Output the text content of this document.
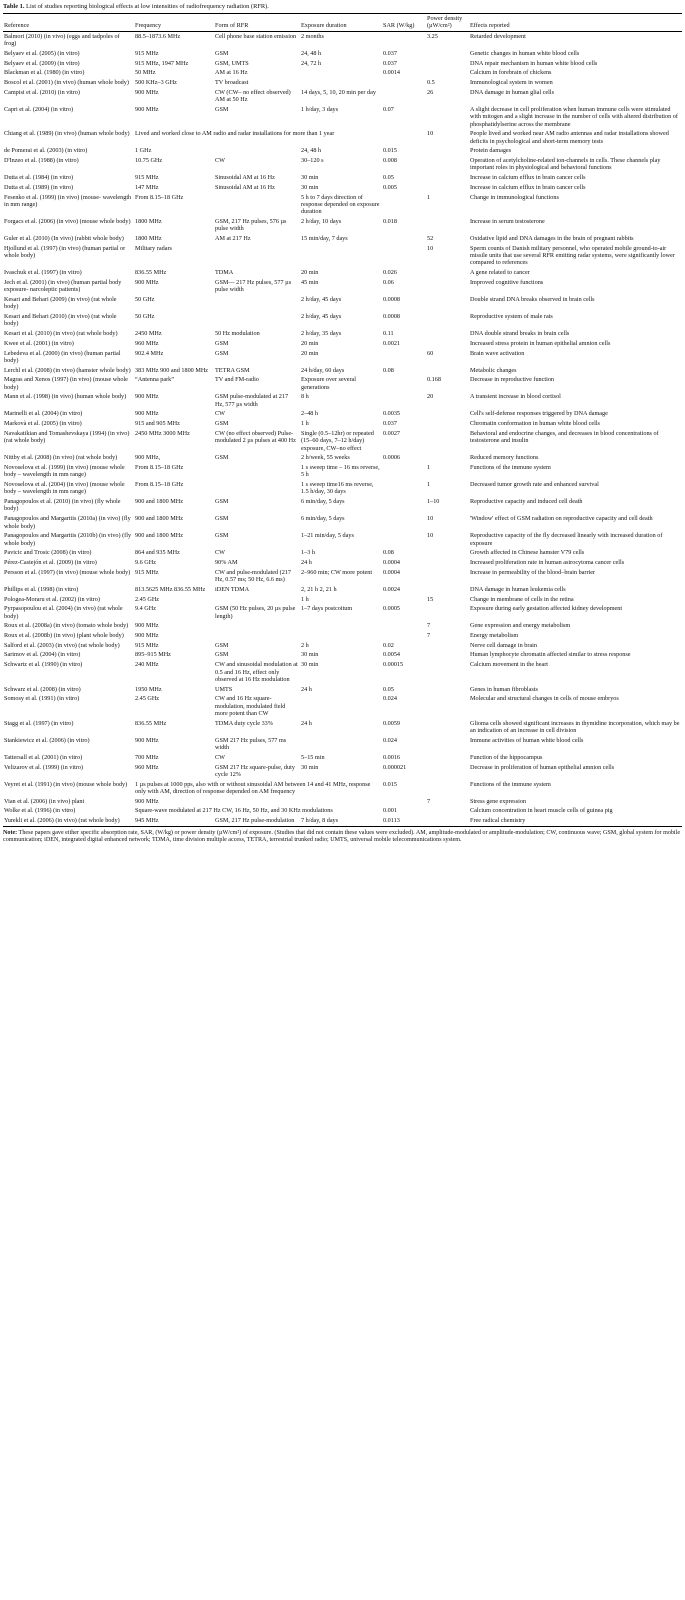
Table 1. List of studies reporting biological effects at low intensities of radiofrequency radiation (RFR).
Reference	Frequency	Form of RFR	Exposure duration	SAR (W/kg)	Power density (µW/cm²)	Effects reported
Balmori (2010) (in vivo) (eggs and tadpoles of frog)	88.5–1873.6 MHz	Cell phone base station emission	2 months		3.25	Retarded development
Belyaev et al. (2005) (in vitro)	915 MHz	GSM	24, 48 h	0.037		Genetic changes in human white blood cells
Belyaev et al. (2009) (in vitro)	915 MHz, 1947 MHz	GSM, UMTS	24, 72 h	0.037		DNA repair mechanism in human white blood cells
Blackman et al. (1980) (in vitro)	50 MHz	AM at 16 Hz		0.0014		Calcium in forebrain of chickens
Boscol et al. (2001) (in vivo) (human whole body)	500 KHz–3 GHz	TV broadcast			0.5	Immunological system in women
Campisi et al. (2010) (in vitro)	900 MHz	CW (CW– no effect observed) AM at 50 Hz	14 days, 5, 10, 20 min per day		26	DNA damage in human glial cells
Capri et al. (2004) (in vitro)	900 MHz	GSM	1 h/day, 3 days	0.07		A slight decrease in cell proliferation when human immune cells were stimulated with mitogen and a slight increase in the number of cells with altered distribution of phosphatidylserine across the membrane
Chiang et al. (1989) (in vivo) (human whole body)	Lived and worked close to AM radio and radar installations for more than 1 year				10	People lived and worked near AM radio antennas and radar installations showed deficits in psychological and short-term memory tests
de Pomerai et al. (2003) (in vitro)	1 GHz		24, 48 h	0.015		Protein damages
D'Inzeo et al. (1988) (in vitro)	10.75 GHz	CW	30–120 s	0.008		Operation of acetylcholine-related ion-channels in cells. These channels play important roles in physiological and behavioral functions
Dutta et al. (1984) (in vitro)	915 MHz	Sinusoidal AM at 16 Hz	30 min	0.05		Increase in calcium efflux in brain cancer cells
Dutta et al. (1989) (in vitro)	147 MHz	Sinusoidal AM at 16 Hz	30 min	0.005		Increase in calcium efflux in brain cancer cells
Fesenko et al. (1999) (in vivo) (mouse- wavelength in mm range)	From 8.15–18 GHz		5 h to 7 days direction of response depended on exposure duration		1	Change in immunological functions
Forgacs et al. (2006) (in vivo) (mouse whole body)	1800 MHz	GSM, 217 Hz pulses, 576 µs pulse width	2 h/day, 10 days	0.018		Increase in serum testosterone
Guler et al. (2010) (In vivo) (rabbit whole body)	1800 MHz	AM at 217 Hz	15 min/day, 7 days		52	Oxidative lipid and DNA damages in the brain of pregnant rabbits
Hjollund et al. (1997) (in vivo) (human partial or whole body)	Military radars				10	Sperm counts of Danish military personnel, who operated mobile ground-to-air missile units that use several RFR emitting radar systems, were significantly lower compared to references
Ivaschuk et al. (1997) (in vitro)	836.55 MHz	TDMA	20 min	0.026		A gene related to cancer
Jech et al. (2001) (in vivo) (human partial body exposure- narcoleptic patients)	900 MHz	GSM— 217 Hz pulses, 577 µs pulse width	45 min	0.06		Improved cognitive functions
Kesari and Behari (2009) (in vivo) (rat whole body)	50 GHz		2 h/day, 45 days	0.0008		Double strand DNA breaks observed in brain cells
Kesari and Behari (2010) (in vivo) (rat whole body)	50 GHz		2 h/day, 45 days	0.0008		Reproductive system of male rats
Kesari et al. (2010) (in vivo) (rat whole body)	2450 MHz	50 Hz modulation	2 h/day, 35 days	0.11		DNA double strand breaks in brain cells
Kwee et al. (2001) (in vitro)	960 MHz	GSM	20 min	0.0021		Increased stress protein in human epithelial amnion cells
Lebedeva et al. (2000) (in vivo) (human partial body)	902.4 MHz	GSM	20 min		60	Brain wave activation
Lerchl et al. (2008) (in vivo) (hamster whole body)	383 MHz 900 and 1800 MHz	TETRA GSM	24 h/day, 60 days	0.08		Metabolic changes
Magras and Xenos (1997) (in vivo) (mouse whole body)	“Antenna park”	TV and FM-radio	Exposure over several generations		0.168	Decrease in reproductive function
Mann et al. (1998) (in vivo) (human whole body)	900 MHz	GSM pulse-modulated at 217 Hz, 577 µs width	8 h		20	A transient increase in blood cortisol
Marinelli et al. (2004) (in vitro)	900 MHz	CW	2–48 h	0.0035		Cell's self-defense responses triggered by DNA damage
Markovà et al. (2005) (in vitro)	915 and 905 MHz	GSM	1 h	0.037		Chromatin conformation in human white blood cells
Navakatikian and Tomashevskaya (1994) (in vivo) (rat whole body)	2450 MHz 3000 MHz	CW (no effect observed) Pulse-modulated 2 µs pulses at 400 Hz	Single (0.5–12hr) or repeated (15–60 days, 7–12 h/day) exposure, CW–no effect	0.0027		Behavioral and endocrine changes, and decreases in blood concentrations of testosterone and insulin
Nittby et al. (2008) (in vivo) (rat whole body)	900 MHz,	GSM	2 h/week, 55 weeks	0.0006		Reduced memory functions
Novoselova et al. (1999) (in vivo) (mouse whole body – wavelength in mm range)	From 8.15–18 GHz		1 s sweep time – 16 ms reverse, 5 h		1	Functions of the immune system
Novoselova et al. (2004) (in vivo) (mouse whole body – wavelength in mm range)	From 8.15–18 GHz		1 s sweep time16 ms reverse, 1.5 h/day, 30 days		1	Decreased tumor growth rate and enhanced survival
Panagopoulos et al. (2010) (in vivo) (fly whole body)	900 and 1800 MHz	GSM	6 min/day, 5 days		1–10	Reproductive capacity and induced cell death
Panagopoulos and Margaritis (2010a) (in vivo) (fly whole body)	900 and 1800 MHz	GSM	6 min/day, 5 days		10	'Window' effect of GSM radiation on reproductive capacity and cell death
Panagopoulos and Margaritis (2010b) (in vivo) (fly whole body)	900 and 1800 MHz	GSM	1–21 min/day, 5 days		10	Reproductive capacity of the fly decreased linearly with increased duration of exposure
Pavicic and Trosic (2008) (in vitro)	864 and 935 MHz	CW	1–3 h	0.08		Growth affected in Chinese hamster V79 cells
Pérez-Castejón et al. (2009) (in vitro)	9.6 GHz	90% AM	24 h	0.0004		Increased proliferation rate in human astrocytoma cancer cells
Persson et al. (1997) (in vivo) (mouse whole body)	915 MHz	CW and pulse-modulated (217 Hz, 0.57 ms; 50 Hz, 6.6 ms)	2–960 min; CW more potent	0.0004		Increase in permeability of the blood–brain barrier
Phillips et al. (1998) (in vitro)	813.5625 MHz 836.55 MHz	iDEN TDMA	2, 21 h 2, 21 h	0.0024		DNA damage in human leukemia cells
Pologea-Moraru et al. (2002) (in vitro)	2.45 GHz		1 h		15	Change in membrane of cells in the retina
Pyrpasopoulou et al. (2004) (in vivo) (rat whole body)	9.4 GHz	GSM (50 Hz pulses, 20 µs pulse length)	1–7 days postcoitum	0.0005		Exposure during early gestation affected kidney development
Roux et al. (2008a) (in vivo) (tomato whole body)	900 MHz				7	Gene expression and energy metabolism
Roux et al. (2008b) (in vivo) (plant whole body)	900 MHz				7	Energy metabolism
Salford et al. (2003) (in vivo) (rat whole body)	915 MHz	GSM	2 h	0.02		Nerve cell damage in brain
Sarimov et al. (2004) (in vitro)	895–915 MHz	GSM	30 min	0.0054		Human lymphocyte chromatin affected similar to stress response
Schwartz et al. (1990) (in vitro)	240 MHz	CW and sinusoidal modulation at 0.5 and 16 Hz, effect only observed at 16 Hz modulation	30 min	0.00015		Calcium movement in the heart
Schwarz et al. (2008) (in vitro)	1950 MHz	UMTS	24 h	0.05		Genes in human fibroblasts
Somosy et al. (1991) (in vitro)	2.45 GHz	CW and 16 Hz square-modulation, modulated field more potent than CW		0.024		Molecular and structural changes in cells of mouse embryos
Stagg et al. (1997) (in vitro)	836.55 MHz	TDMA duty cycle 33%	24 h	0.0059		Glioma cells showed significant increases in thymidine incorporation, which may be an indication of an increase in cell division
Stankiewicz et al. (2006) (in vitro)	900 MHz	GSM 217 Hz pulses, 577 ms width		0.024		Immune activities of human white blood cells
Tattersall et al. (2001) (in vitro)	700 MHz	CW	5–15 min	0.0016		Function of the hippocampus
Velizarov et al. (1999) (in vitro)	960 MHz	GSM 217 Hz square-pulse, duty cycle 12%	30 min	0.000021		Decrease in proliferation of human epithelial amnion cells
Veyret et al. (1991) (in vivo) (mouse whole body)	1 µs pulses at 1000 pps, also with or without sinusoidal AM between 14 and 41 MHz, response only with AM, direction of response depended on AM frequency			0.015		Functions of the immune system
Vian et al. (2006) (in vivo) plant	900 MHz				7	Stress gene expression
Wolke et al. (1996) (in vitro)	Square-wave modulated at 217 Hz CW, 16 Hz, 50 Hz, and 30 KHz modulations			0.001		Calcium concentration in heart muscle cells of guinea pig
Yurekli et al. (2006) (in vivo) (rat whole body)	945 MHz	GSM, 217 Hz pulse-modulation	7 h/day, 8 days	0.0113		Free radical chemistry
Note: These papers gave either specific absorption rate, SAR, (W/kg) or power density (µW/cm²) of exposure. (Studies that did not contain these values were excluded). AM, amplitude-modulated or amplitude-modulation; CW, continuous wave; GSM, global system for mobile communication; iDEN, integrated digital enhanced network; TDMA, time division multiple access, TETRA, terrestrial trunked radio; UMTS, universal mobile telecommunications system.
